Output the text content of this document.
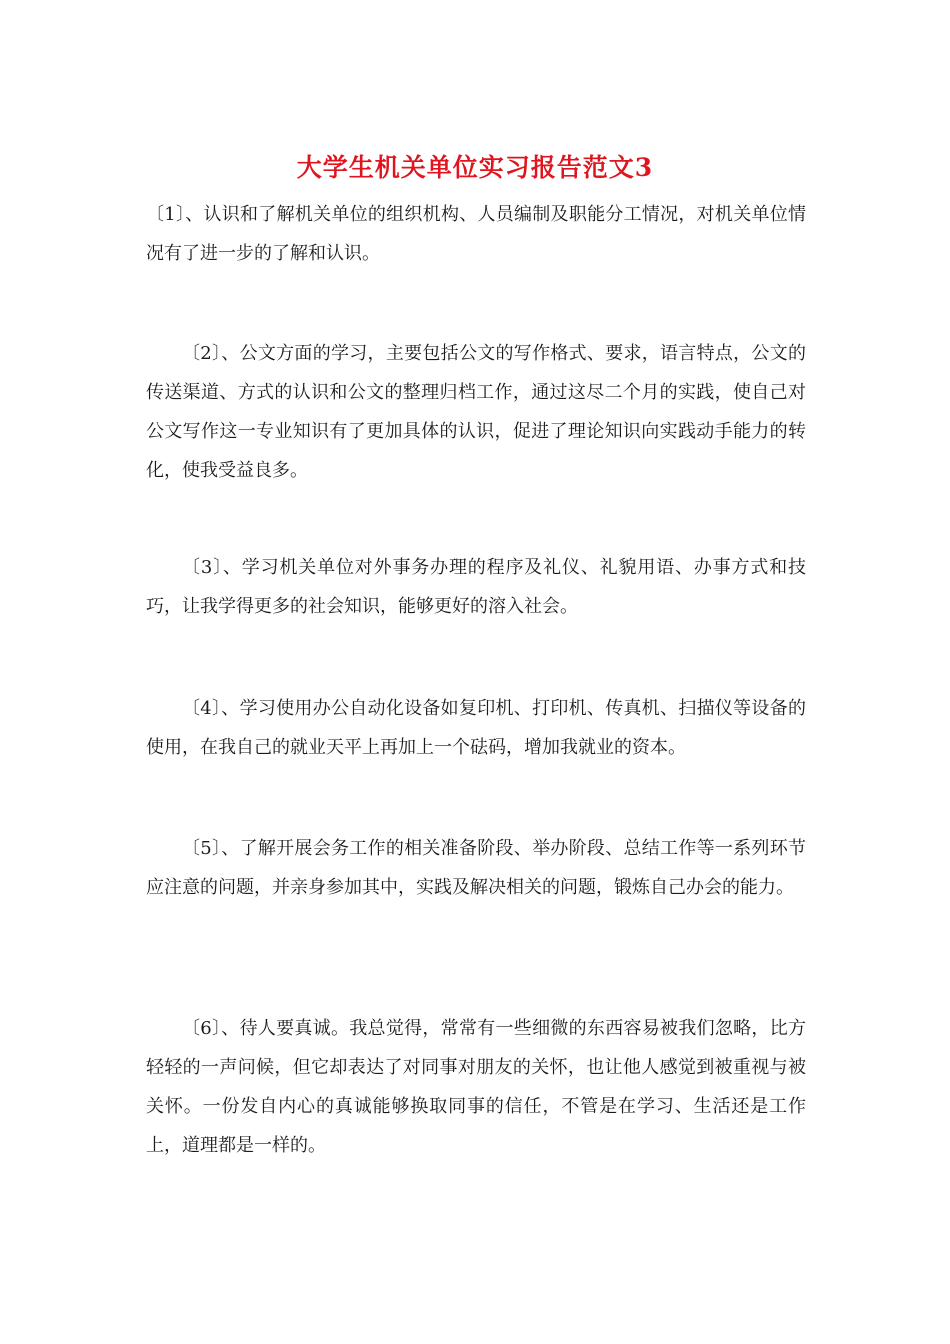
大学生机关单位实习报告范文3

〔1〕、认识和了解机关单位的组织机构、人员编制及职能分工情况，对机关单位情况有了进一步的了解和认识。

〔2〕、公文方面的学习，主要包括公文的写作格式、要求，语言特点，公文的传送渠道、方式的认识和公文的整理归档工作，通过这尽二个月的实践，使自己对公文写作这一专业知识有了更加具体的认识，促进了理论知识向实践动手能力的转化，使我受益良多。

〔3〕、学习机关单位对外事务办理的程序及礼仪、礼貌用语、办事方式和技巧，让我学得更多的社会知识，能够更好的溶入社会。

〔4〕、学习使用办公自动化设备如复印机、打印机、传真机、扫描仪等设备的使用，在我自己的就业天平上再加上一个砝码，增加我就业的资本。

〔5〕、了解开展会务工作的相关准备阶段、举办阶段、总结工作等一系列环节应注意的问题，并亲身参加其中，实践及解决相关的问题，锻炼自己办会的能力。

〔6〕、待人要真诚。我总觉得，常常有一些细微的东西容易被我们忽略，比方轻轻的一声问候，但它却表达了对同事对朋友的关怀，也让他人感觉到被重视与被关怀。一份发自内心的真诚能够换取同事的信任，不管是在学习、生活还是工作上，道理都是一样的。
